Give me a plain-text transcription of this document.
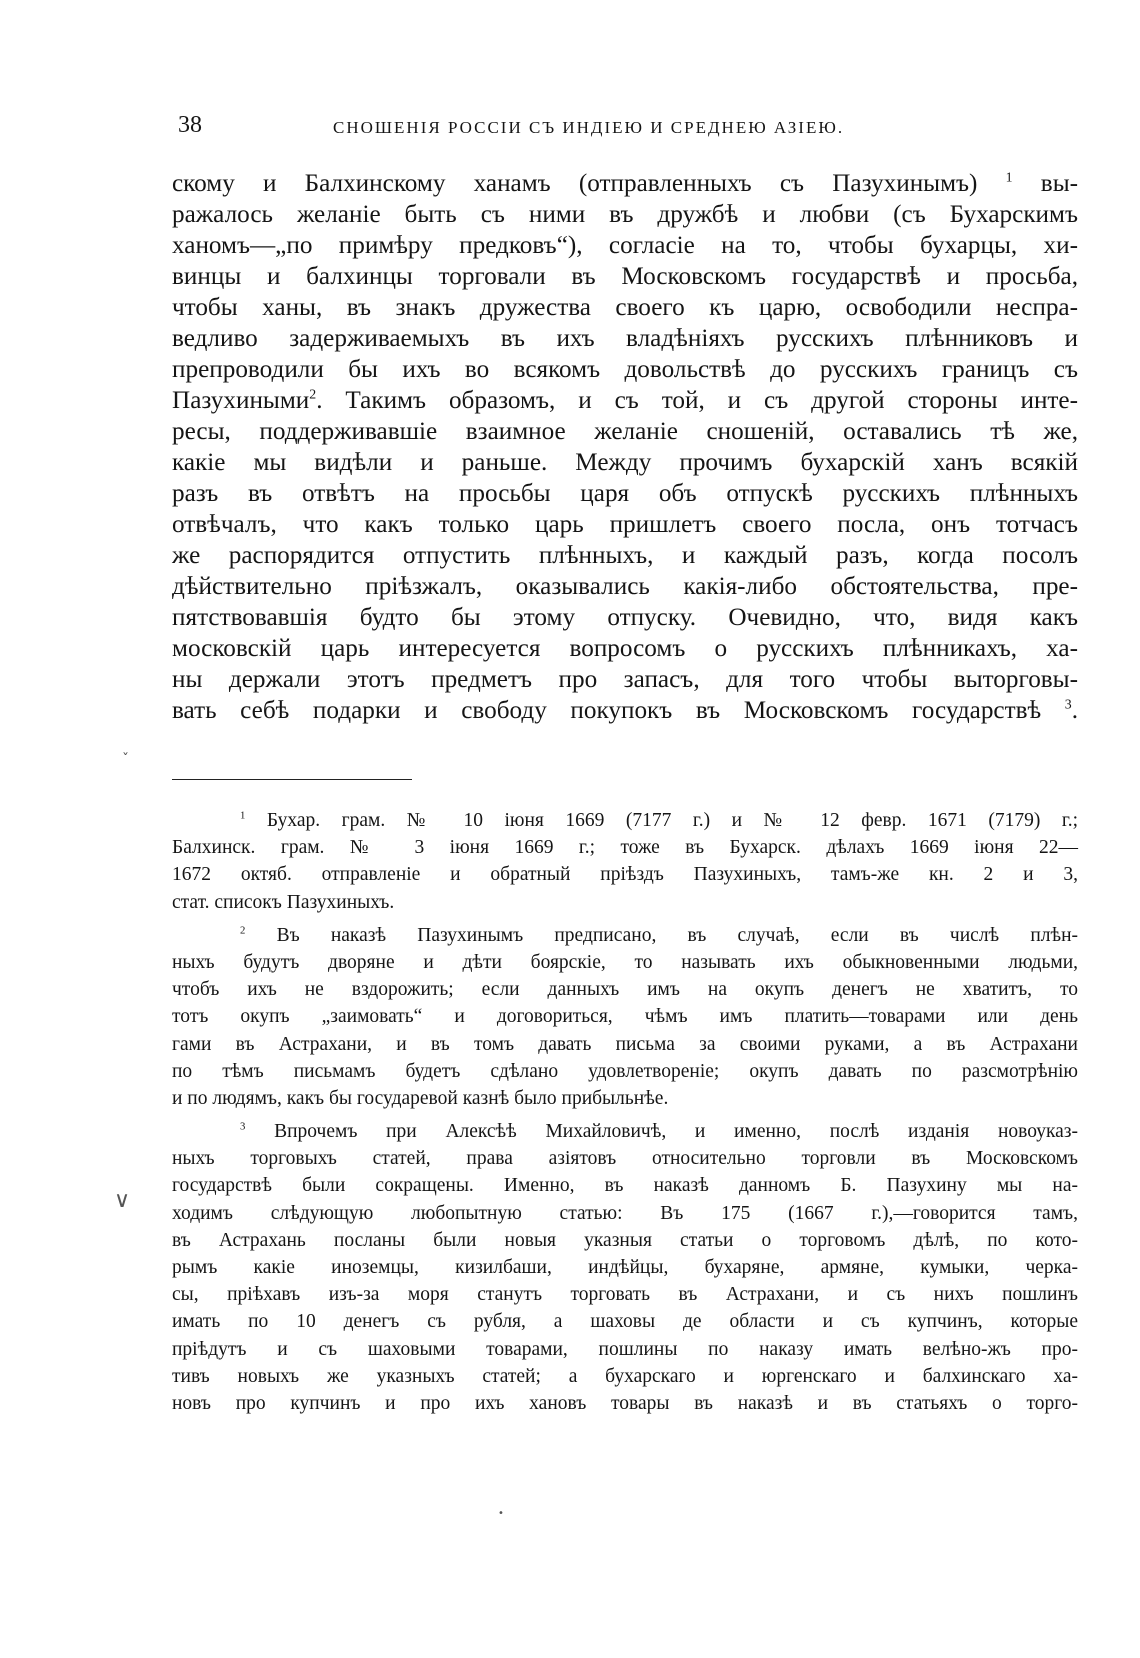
38	СНОШЕНІЯ РОССІИ СЪ ИНДІЕЮ И СРЕДНЕЮ АЗІЕЮ.
скому и Балхинскому ханамъ (отправленныхъ съ Пазухинымъ) $^1$ вы-
ражалось желаніе быть съ ними въ дружбѣ и любви (съ Бухарскимъ
ханомъ—„по примѣру предковъ“), согласіе на то, чтобы бухарцы, хи-
винцы и балхинцы торговали въ Московскомъ государствѣ и просьба,
чтобы ханы, въ знакъ дружества своего къ царю, освободили неспра-
ведливо задерживаемыхъ въ ихъ владѣніяхъ русскихъ плѣнниковъ и
препроводили бы ихъ во всякомъ довольствѣ до русскихъ границъ съ
Пазухиными$^2$. Такимъ образомъ, и съ той, и съ другой стороны инте-
ресы, поддерживавшіе взаимное желаніе сношеній, оставались тѣ же,
какіе мы видѣли и раньше. Между прочимъ бухарскій ханъ всякій
разъ въ отвѣтъ на просьбы царя объ отпускѣ русскихъ плѣнныхъ
отвѣчалъ, что какъ только царь пришлетъ своего посла, онъ тотчасъ
же распорядится отпустить плѣнныхъ, и каждый разъ, когда посолъ
дѣйствительно пріѣзжалъ, оказывались какія-либо обстоятельства, пре-
пятствовавшія будто бы этому отпуску. Очевидно, что, видя какъ
московскій царь интересуется вопросомъ о русскихъ плѣнникахъ, ха-
ны держали этотъ предметъ про запасъ, для того чтобы выторговы-
вать себѣ подарки и свободу покупокъ въ Московскомъ государствѣ $^3$.
$^1$ Бухар. грам. № 10 іюня 1669 (7177 г.) и № 12 февр. 1671 (7179) г.;
Балхинск. грам. № 3 іюня 1669 г.; тоже въ Бухарск. дѣлахъ 1669 іюня 22—
1672 октяб. отправленіе и обратный пріѣздъ Пазухиныхъ, тамъ-же кн. 2 и 3,
стат. списокъ Пазухиныхъ.
$^2$ Въ наказѣ Пазухинымъ предписано, въ случаѣ, если въ числѣ плѣн-
ныхъ будутъ дворяне и дѣти боярскіе, то называть ихъ обыкновенными людьми,
чтобъ ихъ не вздорожить; если данныхъ имъ на окупъ денегъ не хватитъ, то
тотъ окупъ „заимовать“ и договориться, чѣмъ имъ платить—товарами или день
гами въ Астрахани, и въ томъ давать письма за своими руками, а въ Астрахани
по тѣмъ письмамъ будетъ сдѣлано удовлетвореніе; окупъ давать по разсмотрѣнію
и по людямъ, какъ бы государевой казнѣ было прибыльнѣе.
$^3$ Впрочемъ при Алексѣѣ Михайловичѣ, и именно, послѣ изданія новоуказ-
ныхъ торговыхъ статей, права азіятовъ относительно торговли въ Московскомъ
государствѣ были сокращены. Именно, въ наказѣ данномъ Б. Пазухину мы на-
ходимъ слѣдующую любопытную статью: Въ 175 (1667 г.),—говорится тамъ,
въ Астрахань посланы были новыя указныя статьи о торговомъ дѣлѣ, по кото-
рымъ какіе иноземцы, кизилбаши, индѣйцы, бухаряне, армяне, кумыки, черка-
сы, пріѣхавъ изъ-за моря станутъ торговать въ Астрахани, и съ нихъ пошлинъ
имать по 10 денегъ съ рубля, а шаховы де области и съ купчинъ, которые
пріѣдутъ и съ шаховыми товарами, пошлины по наказу имать велѣно-жъ про-
тивъ новыхъ же указныхъ статей; а бухарскаго и юргенскаго и балхинскаго ха-
новъ про купчинъ и про ихъ хановъ товары въ наказѣ и въ статьяхъ о торго-
ˇ
∨
•
